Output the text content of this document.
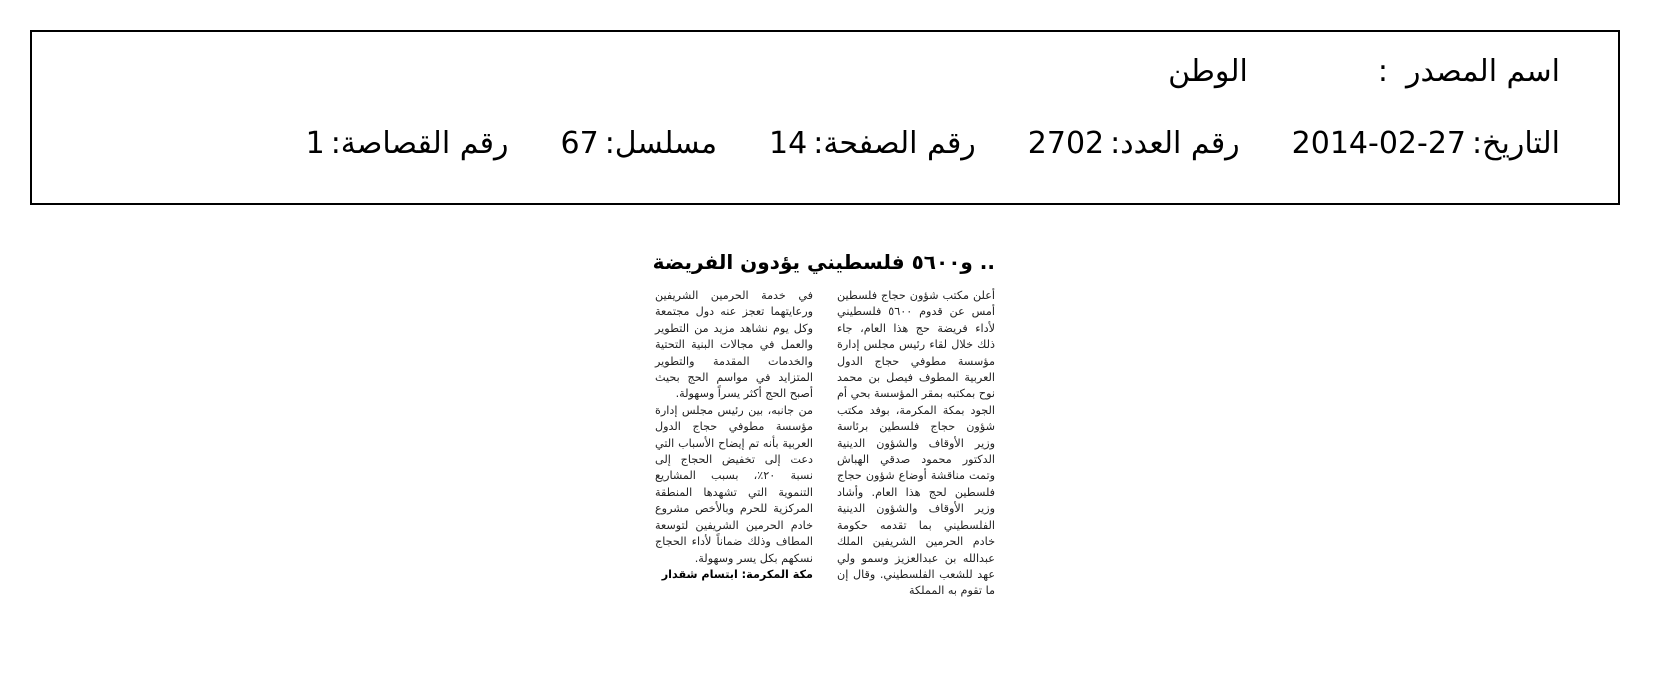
اسم المصدر:الوطن
التاريخ:2014-02-27رقم العدد:2702رقم الصفحة:14مسلسل:67رقم القصاصة:1
.. و٥٦٠٠ فلسطيني يؤدون الفريضة

أعلن مكتب شؤون حجاج فلسطين أمس عن قدوم ٥٦٠٠ فلسطيني لأداء فريضة حج هذا العام، جاء ذلك خلال لقاء رئيس مجلس إدارة مؤسسة مطوفي حجاج الدول العربية المطوف فيصل بن محمد نوح بمكتبه بمقر المؤسسة بحي أم الجود بمكة المكرمة، بوفد مكتب شؤون حجاج فلسطين برئاسة وزير الأوقاف والشؤون الدينية الدكتور محمود صدقي الهباش وتمت مناقشة أوضاع شؤون حجاج فلسطين لحج هذا العام. وأشاد وزير الأوقاف والشؤون الدينية الفلسطيني بما تقدمه حكومة خادم الحرمين الشريفين الملك عبدالله بن عبدالعزيز وسمو ولي عهد للشعب الفلسطيني. وقال إن ما تقوم به المملكة

في خدمة الحرمين الشريفين ورعايتهما تعجز عنه دول مجتمعة وكل يوم نشاهد مزيد من التطوير والعمل في مجالات البنية التحتية والخدمات المقدمة والتطوير المتزايد في مواسم الحج بحيث أصبح الحج أكثر يسراً وسهولة.

من جانبه، بين رئيس مجلس إدارة مؤسسة مطوفي حجاج الدول العربية بأنه تم إيضاح الأسباب التي دعت إلى تخفيض الحجاج إلى نسبة ٢٠٪، بسبب المشاريع التنموية التي تشهدها المنطقة المركزية للحرم وبالأخص مشروع خادم الحرمين الشريفين لتوسعة المطاف وذلك ضماناً لأداء الحجاج نسكهم بكل يسر وسهولة.

مكة المكرمة: ابتسام شقدار
